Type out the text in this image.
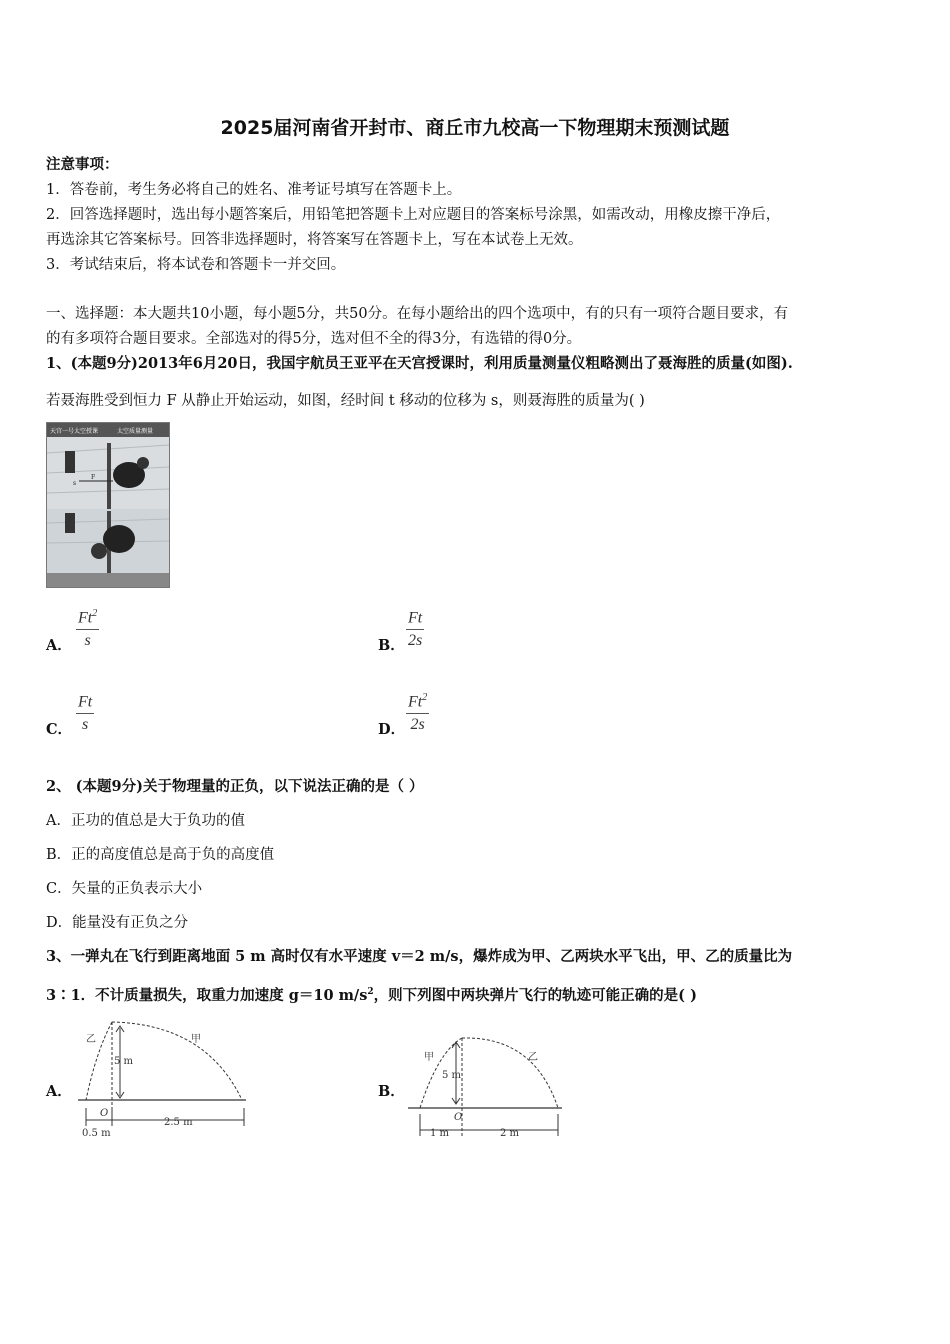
2025届河南省开封市、商丘市九校高一下物理期末预测试题
注意事项：
1．答卷前，考生务必将自己的姓名、准考证号填写在答题卡上。
2．回答选择题时，选出每小题答案后，用铅笔把答题卡上对应题目的答案标号涂黑，如需改动，用橡皮擦干净后，
再选涂其它答案标号。回答非选择题时，将答案写在答题卡上，写在本试卷上无效。
3．考试结束后，将本试卷和答题卡一并交回。
一、选择题：本大题共10小题，每小题5分，共50分。在每小题给出的四个选项中，有的只有一项符合题目要求，有
的有多项符合题目要求。全部选对的得5分，选对但不全的得3分，有选错的得0分。
1、(本题9分)2013年6月20日，我国宇航员王亚平在天宫授课时，利用质量测量仪粗略测出了聂海胜的质量(如图).
若聂海胜受到恒力 F 从静止开始运动，如图，经时间 t 移动的位移为 s，则聂海胜的质量为( )
天宫一号太空授课	太空质量测量
s
F
A． $\frac{Ft^2}{s}$	B． $\frac{Ft}{2s}$
C． $\frac{Ft}{s}$	D． $\frac{Ft^2}{2s}$
2、 (本题9分)关于物理量的正负，以下说法正确的是（ ）
A．正功的值总是大于负功的值
B．正的高度值总是高于负的高度值
C．矢量的正负表示大小
D．能量没有正负之分
3、一弹丸在飞行到距离地面 5 m 高时仅有水平速度 v＝2 m/s，爆炸成为甲、乙两块水平飞出，甲、乙的质量比为
3∶1．不计质量损失，取重力加速度 g＝10 $m/s^2$，则下列图中两块弹片飞行的轨迹可能正确的是( )
A．
乙	甲
5 m
O
0.5 m
2.5 m
B．
甲	乙
5 m
O
1 m	2 m
